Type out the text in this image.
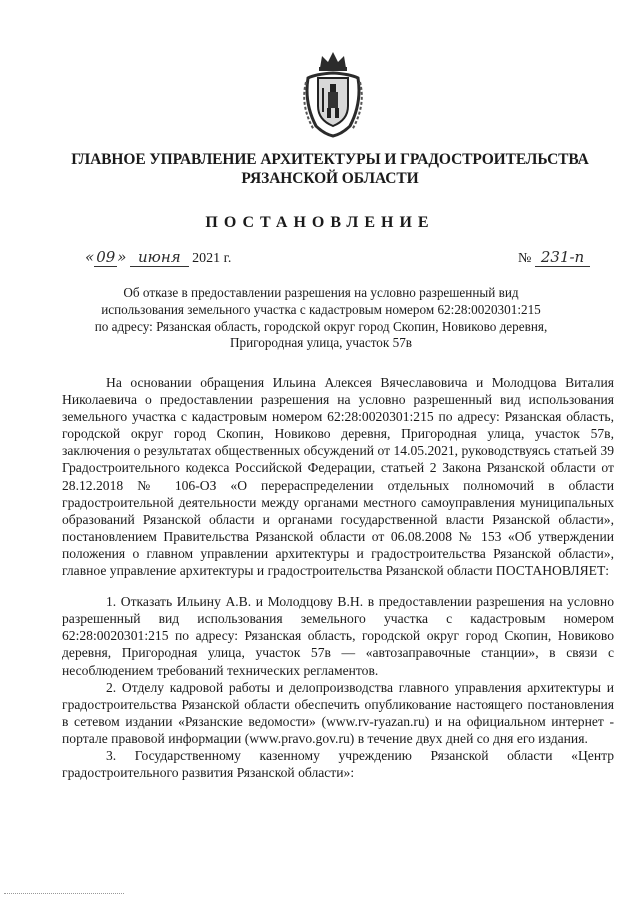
ГЛАВНОЕ УПРАВЛЕНИЕ АРХИТЕКТУРЫ И ГРАДОСТРОИТЕЛЬСТВА
РЯЗАНСКОЙ ОБЛАСТИ
ПОСТАНОВЛЕНИЕ
« 09 » июня 2021 г.	№ 231-п
Об отказе в предоставлении разрешения на условно разрешенный вид
использования земельного участка с кадастровым номером 62:28:0020301:215
по адресу: Рязанская область, городской округ город Скопин, Новиково деревня,
Пригородная улица, участок 57в

На основании обращения Ильина Алексея Вячеславовича и Молодцова Виталия Николаевича о предоставлении разрешения на условно разрешенный вид использования земельного участка с кадастровым номером 62:28:0020301:215 по адресу: Рязанская область, городской округ город Скопин, Новиково деревня, Пригородная улица, участок 57в, заключения о результатах общественных обсуждений от 14.05.2021, руководствуясь статьей 39 Градостроительного кодекса Российской Федерации, статьей 2 Закона Рязанской области от 28.12.2018 № 106-ОЗ «О перераспределении отдельных полномочий в области градостроительной деятельности между органами местного самоуправления муниципальных образований Рязанской области и органами государственной власти Рязанской области», постановлением Правительства Рязанской области от 06.08.2008 № 153 «Об утверждении положения о главном управлении архитектуры и градостроительства Рязанской области», главное управление архитектуры и градостроительства Рязанской области ПОСТАНОВЛЯЕТ:

1. Отказать Ильину А.В. и Молодцову В.Н. в предоставлении разрешения на условно разрешенный вид использования земельного участка с кадастровым номером 62:28:0020301:215 по адресу: Рязанская область, городской округ город Скопин, Новиково деревня, Пригородная улица, участок 57в — «автозаправочные станции», в связи с несоблюдением требований технических регламентов.

2. Отделу кадровой работы и делопроизводства главного управления архитектуры и градостроительства Рязанской области обеспечить опубликование настоящего постановления в сетевом издании «Рязанские ведомости» (www.rv-ryazan.ru) и на официальном интернет - портале правовой информации (www.pravo.gov.ru) в течение двух дней со дня его издания.

3. Государственному казенному учреждению Рязанской области «Центр градостроительного развития Рязанской области»:
